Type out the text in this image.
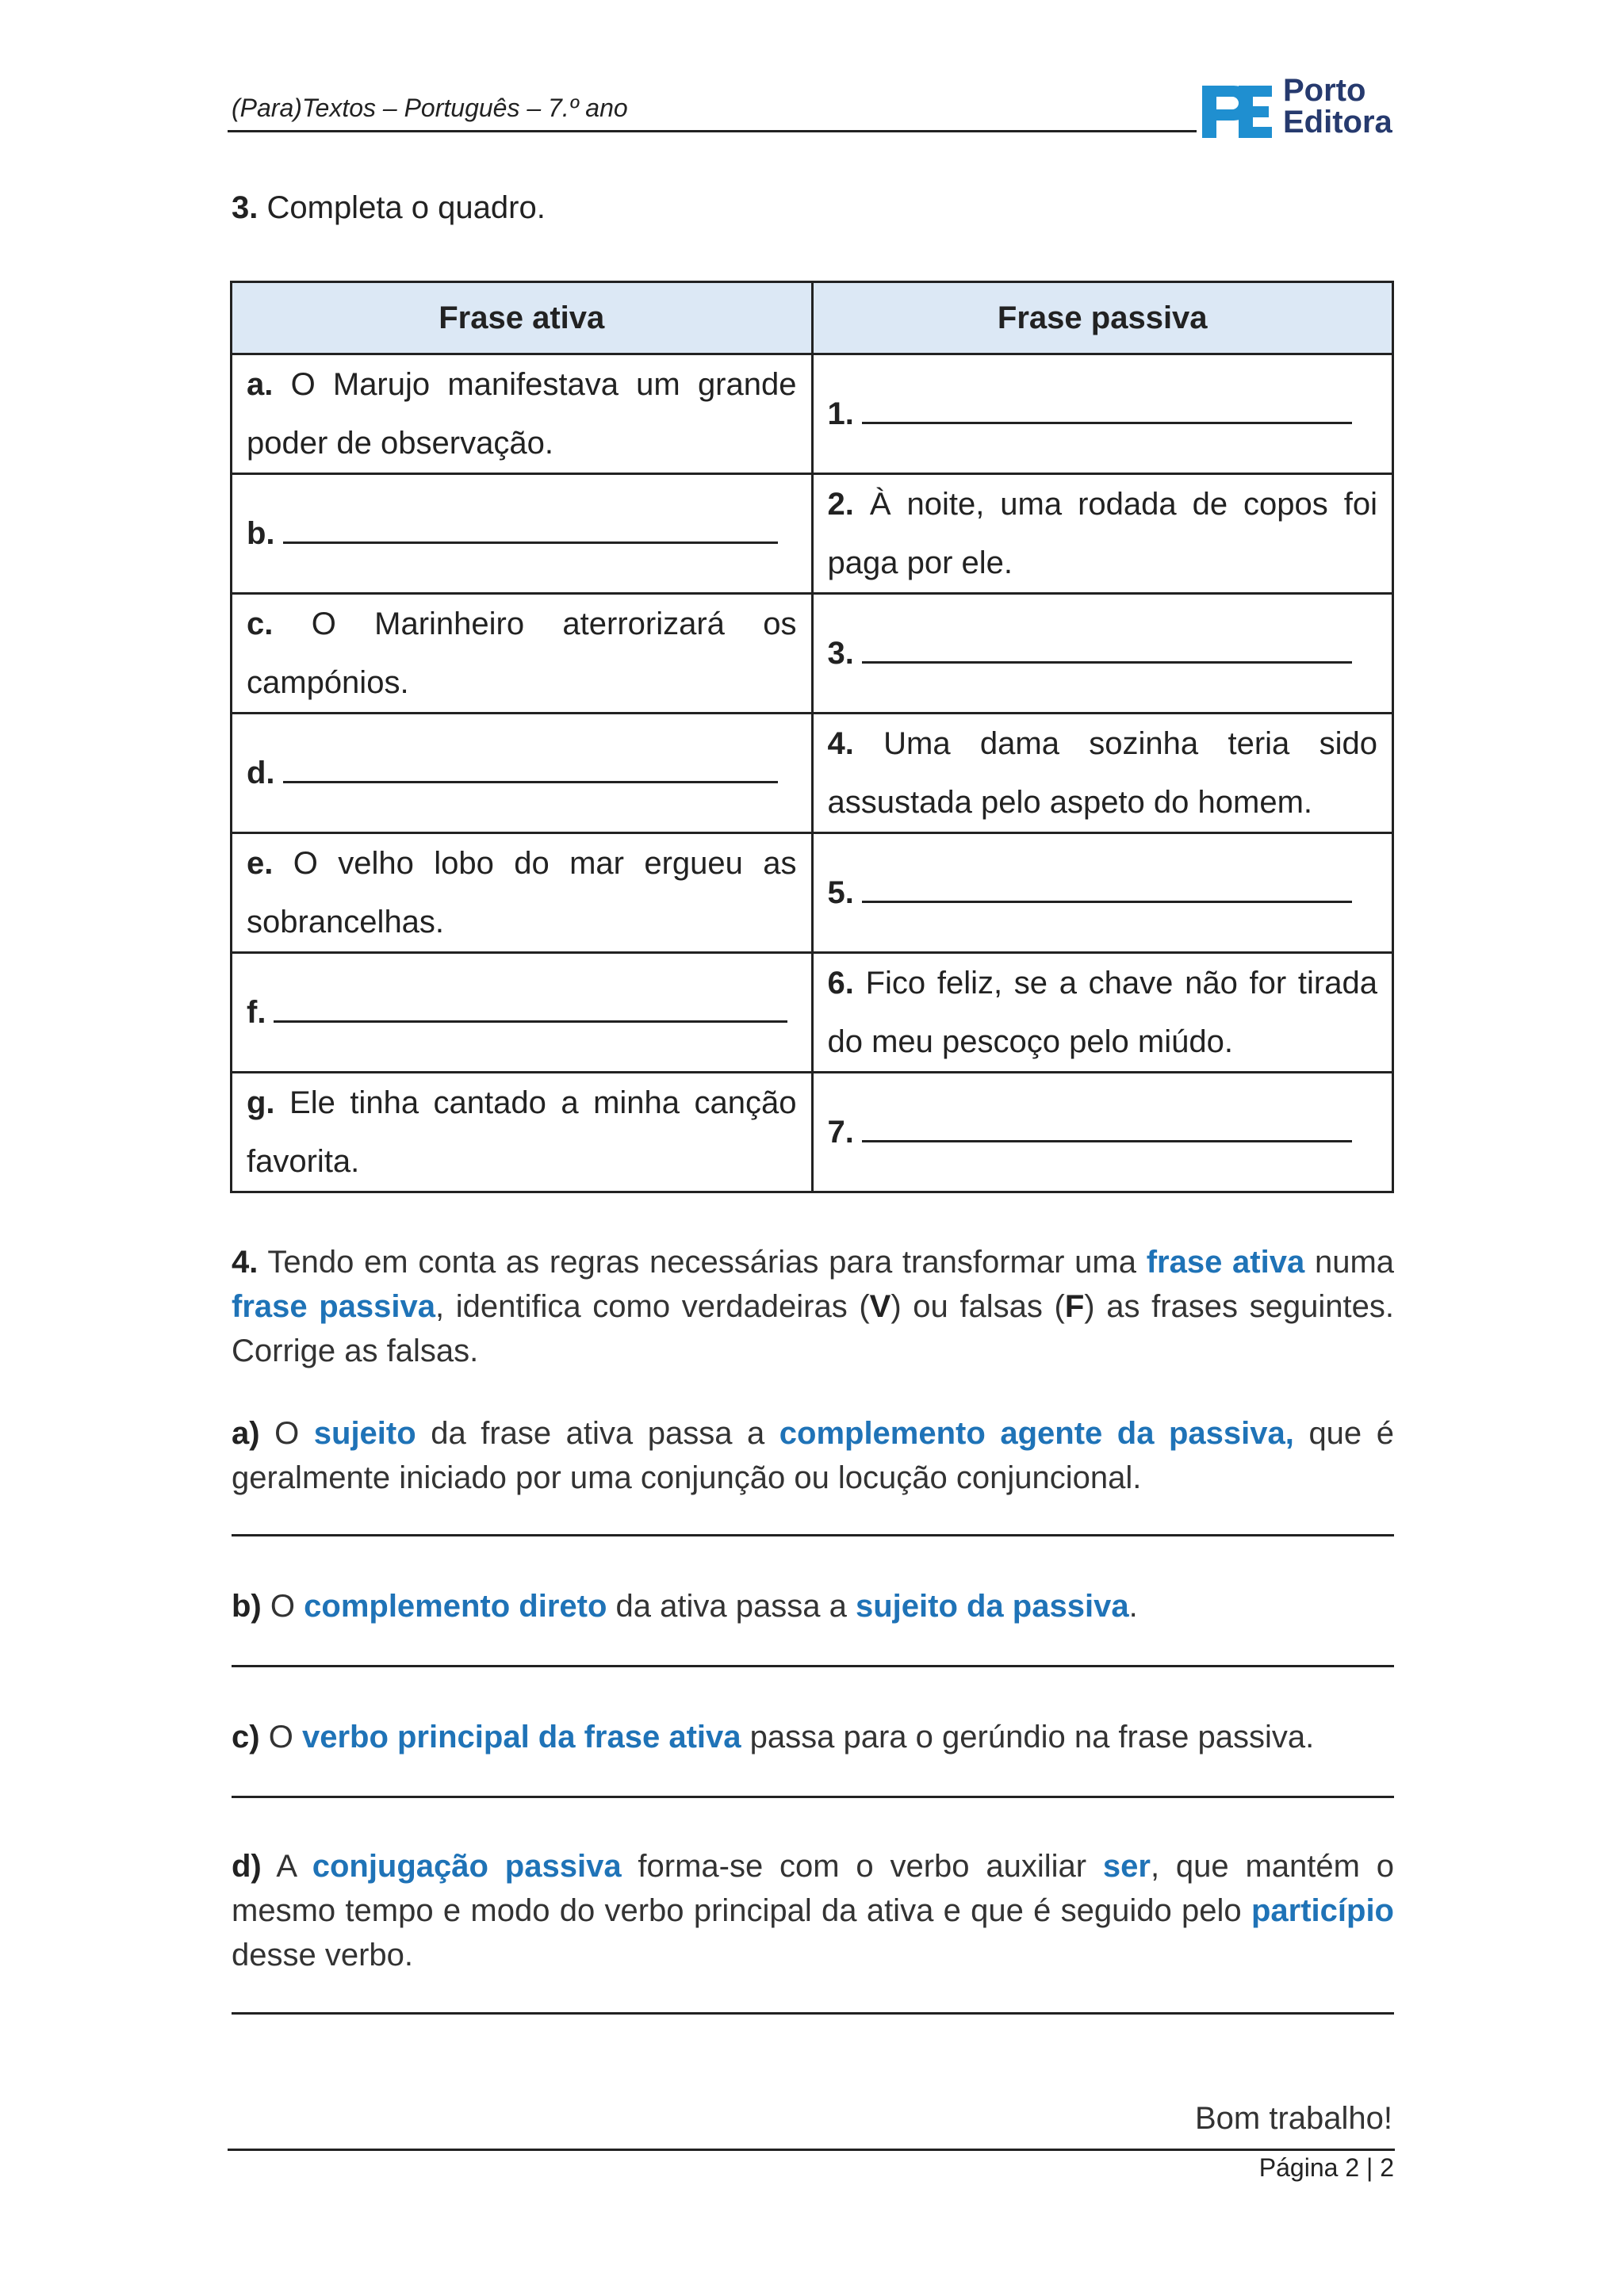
(Para)Textos – Português – 7.º ano	Porto
Editora
3. Completa o quadro.
Frase ativa	Frase passiva

a. O Marujo manifestava um grande poder de observação.	1.
b.	2. À noite, uma rodada de copos foi paga por ele.

c. O Marinheiro aterrorizará os campónios.	3.
d.	4. Uma dama sozinha teria sido assustada pelo aspeto do homem.

e. O velho lobo do mar ergueu as sobrancelhas.	5.
f.	6. Fico feliz, se a chave não for tirada do meu pescoço pelo miúdo.

g. Ele tinha cantado a minha canção favorita.	7.

4. Tendo em conta as regras necessárias para transformar uma frase ativa numa frase passiva, identifica como verdadeiras (V) ou falsas (F) as frases seguintes. Corrige as falsas.

a) O sujeito da frase ativa passa a complemento agente da passiva, que é geralmente iniciado por uma conjunção ou locução conjuncional.

b) O complemento direto da ativa passa a sujeito da passiva.

c) O verbo principal da frase ativa passa para o gerúndio na frase passiva.

d) A conjugação passiva forma-se com o verbo auxiliar ser, que mantém o mesmo tempo e modo do verbo principal da ativa e que é seguido pelo particípio desse verbo.

Bom trabalho!
Página 2 | 2
